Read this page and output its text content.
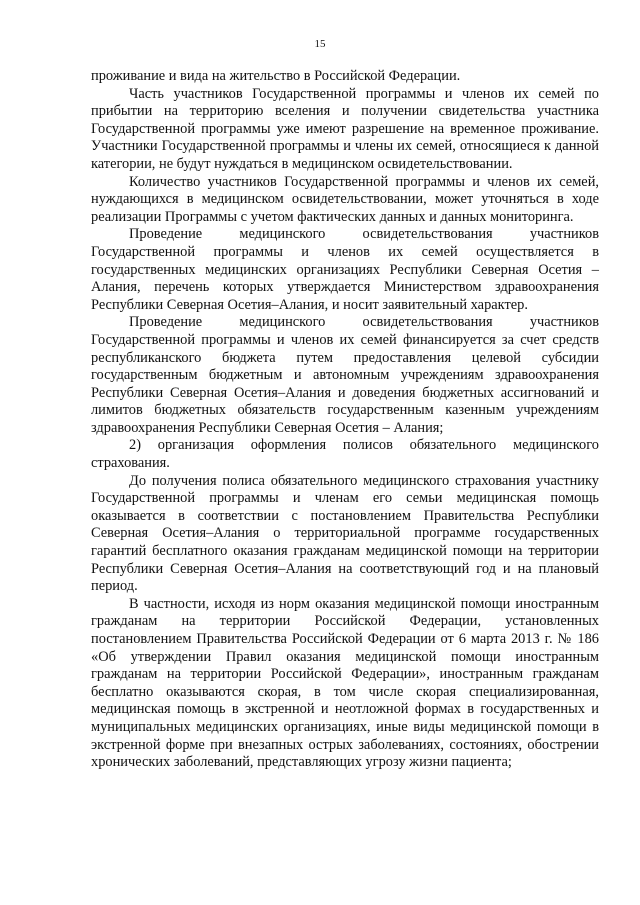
15

проживание и вида на жительство в Российской Федерации.

Часть участников Государственной программы и членов их семей по прибытии на территорию вселения и получении свидетельства участника Государственной программы уже имеют разрешение на временное проживание. Участники Государственной программы и члены их семей, относящиеся к данной категории, не будут нуждаться в медицинском освидетельствовании.

Количество участников Государственной программы и членов их семей, нуждающихся в медицинском освидетельствовании, может уточняться в ходе реализации Программы с учетом фактических данных и данных мониторинга.

Проведение медицинского освидетельствования участников Государственной программы и членов их семей осуществляется в государственных медицинских организациях Республики Северная Осетия –Алания, перечень которых утверждается Министерством здравоохранения Республики Северная Осетия–Алания, и носит заявительный характер.

Проведение медицинского освидетельствования участников Государственной программы и членов их семей финансируется за счет средств республиканского бюджета путем предоставления целевой субсидии государственным бюджетным и автономным учреждениям здравоохранения Республики Северная Осетия–Алания и доведения бюджетных ассигнований и лимитов бюджетных обязательств государственным казенным учреждениям здравоохранения Республики Северная Осетия – Алания;

2) организация оформления полисов обязательного медицинского страхования.

До получения полиса обязательного медицинского страхования участнику Государственной программы и членам его семьи медицинская помощь оказывается в соответствии с постановлением Правительства Республики Северная Осетия–Алания о территориальной программе государственных гарантий бесплатного оказания гражданам медицинской помощи на территории Республики Северная Осетия–Алания на соответствующий год и на плановый период.

В частности, исходя из норм оказания медицинской помощи иностранным гражданам на территории Российской Федерации, установленных постановлением Правительства Российской Федерации от 6 марта 2013 г. № 186 «Об утверждении Правил оказания медицинской помощи иностранным гражданам на территории Российской Федерации», иностранным гражданам бесплатно оказываются скорая, в том числе скорая специализированная, медицинская помощь в экстренной и неотложной формах в государственных и муниципальных медицинских организациях, иные виды медицинской помощи в экстренной форме при внезапных острых заболеваниях, состояниях, обострении хронических заболеваний, представляющих угрозу жизни пациента;
